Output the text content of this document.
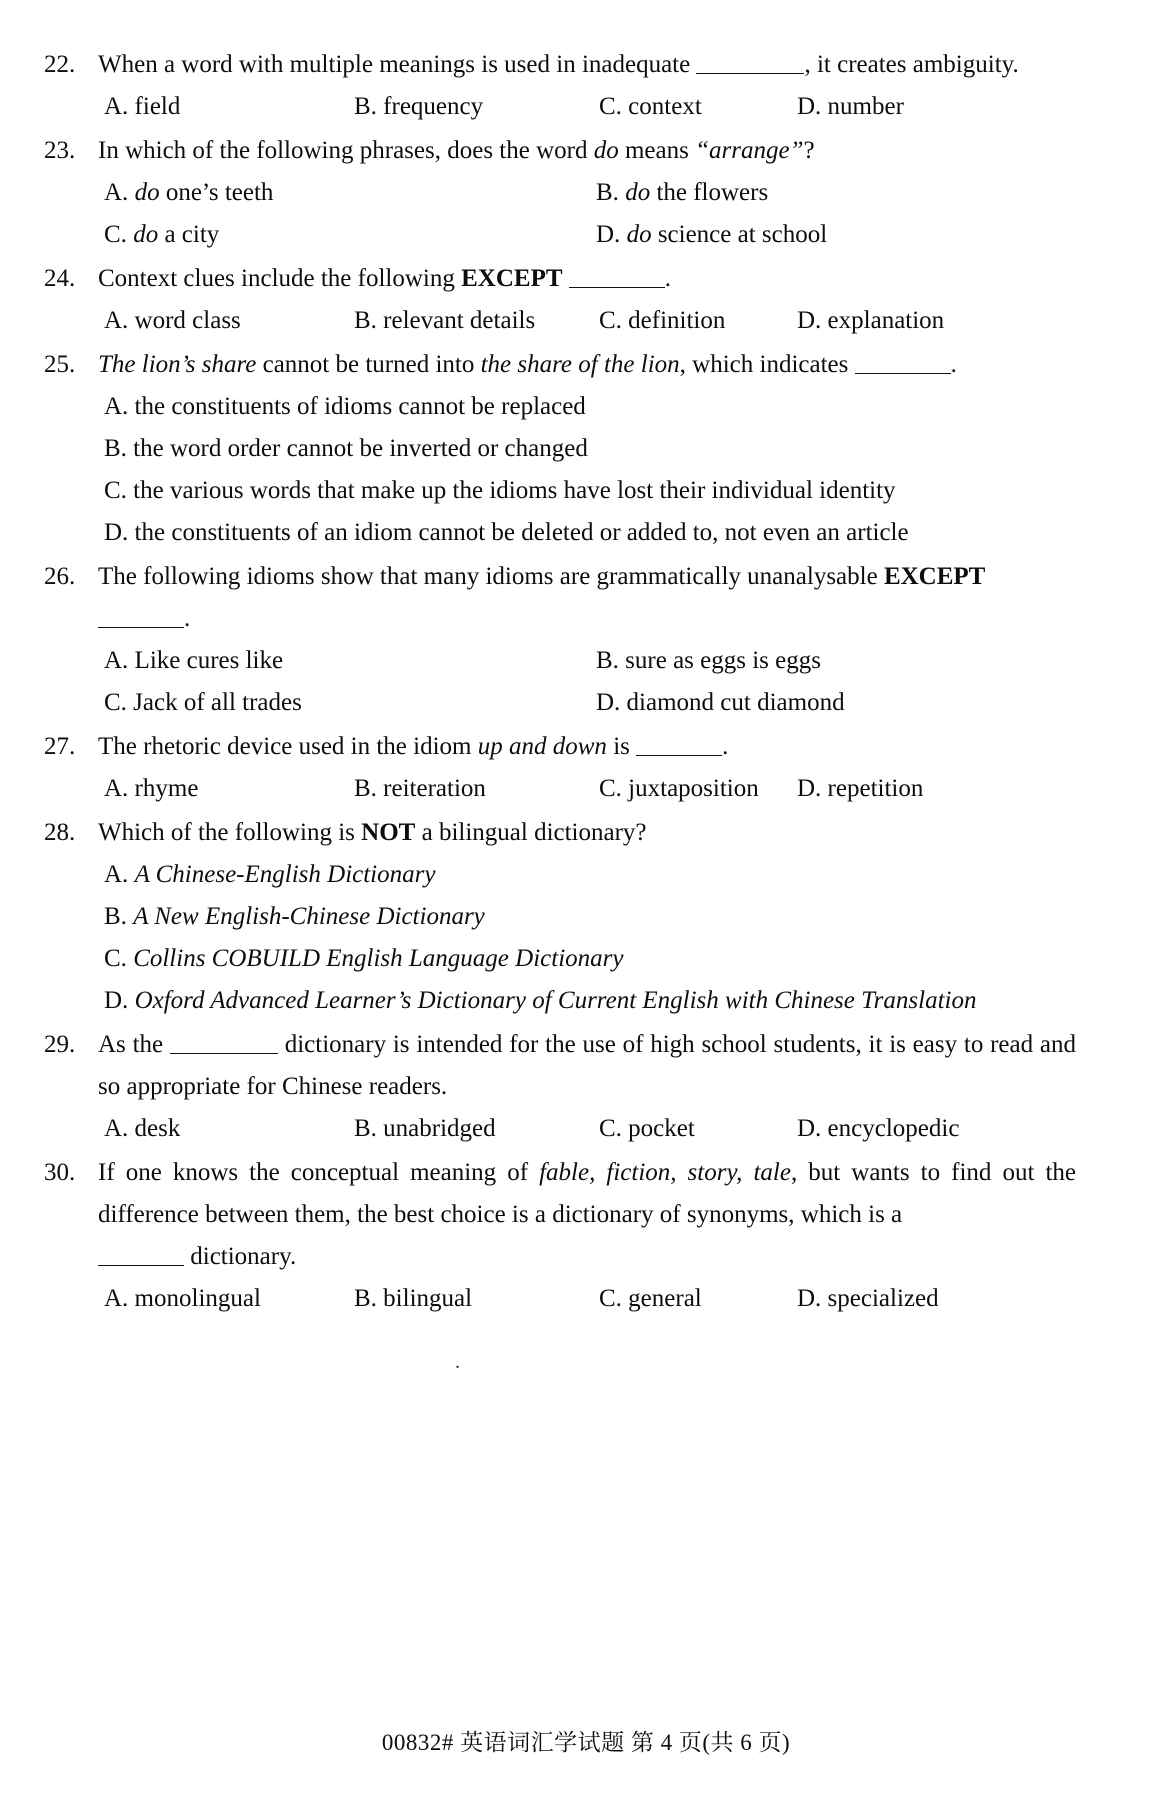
22. When a word with multiple meanings is used in inadequate	, it creates ambiguity.
A. field	B. frequency	C. context	D. number
23. In which of the following phrases, does the word do means “arrange”?
A. do one’s teeth	B. do the flowers
C. do a city	D. do science at school
24. Context clues include the following EXCEPT	.
A. word class	B. relevant details	C. definition	D. explanation
25. The lion’s share cannot be turned into the share of the lion, which indicates	.
A. the constituents of idioms cannot be replaced
B. the word order cannot be inverted or changed
C. the various words that make up the idioms have lost their individual identity
D. the constituents of an idiom cannot be deleted or added to, not even an article
26. The following idioms show that many idioms are grammatically unanalysable EXCEPT
.
A. Like cures like	B. sure as eggs is eggs
C. Jack of all trades	D. diamond cut diamond
27. The rhetoric device used in the idiom up and down is	.
A. rhyme	B. reiteration	C. juxtaposition	D. repetition
28. Which of the following is NOT a bilingual dictionary?
A. A Chinese-English Dictionary
B. A New English-Chinese Dictionary
C. Collins COBUILD English Language Dictionary
D. Oxford Advanced Learner’s Dictionary of Current English with Chinese Translation
29. As the	dictionary is intended for the use of high school students, it is easy to read and so appropriate for Chinese readers.
A. desk	B. unabridged	C. pocket	D. encyclopedic
30. If one knows the conceptual meaning of fable, fiction, story, tale, but wants to find out the difference between them, the best choice is a dictionary of synonyms, which is a
dictionary.
A. monolingual	B. bilingual	C. general	D. specialized
.
00832# 英语词汇学试题 第 4 页(共 6 页)
